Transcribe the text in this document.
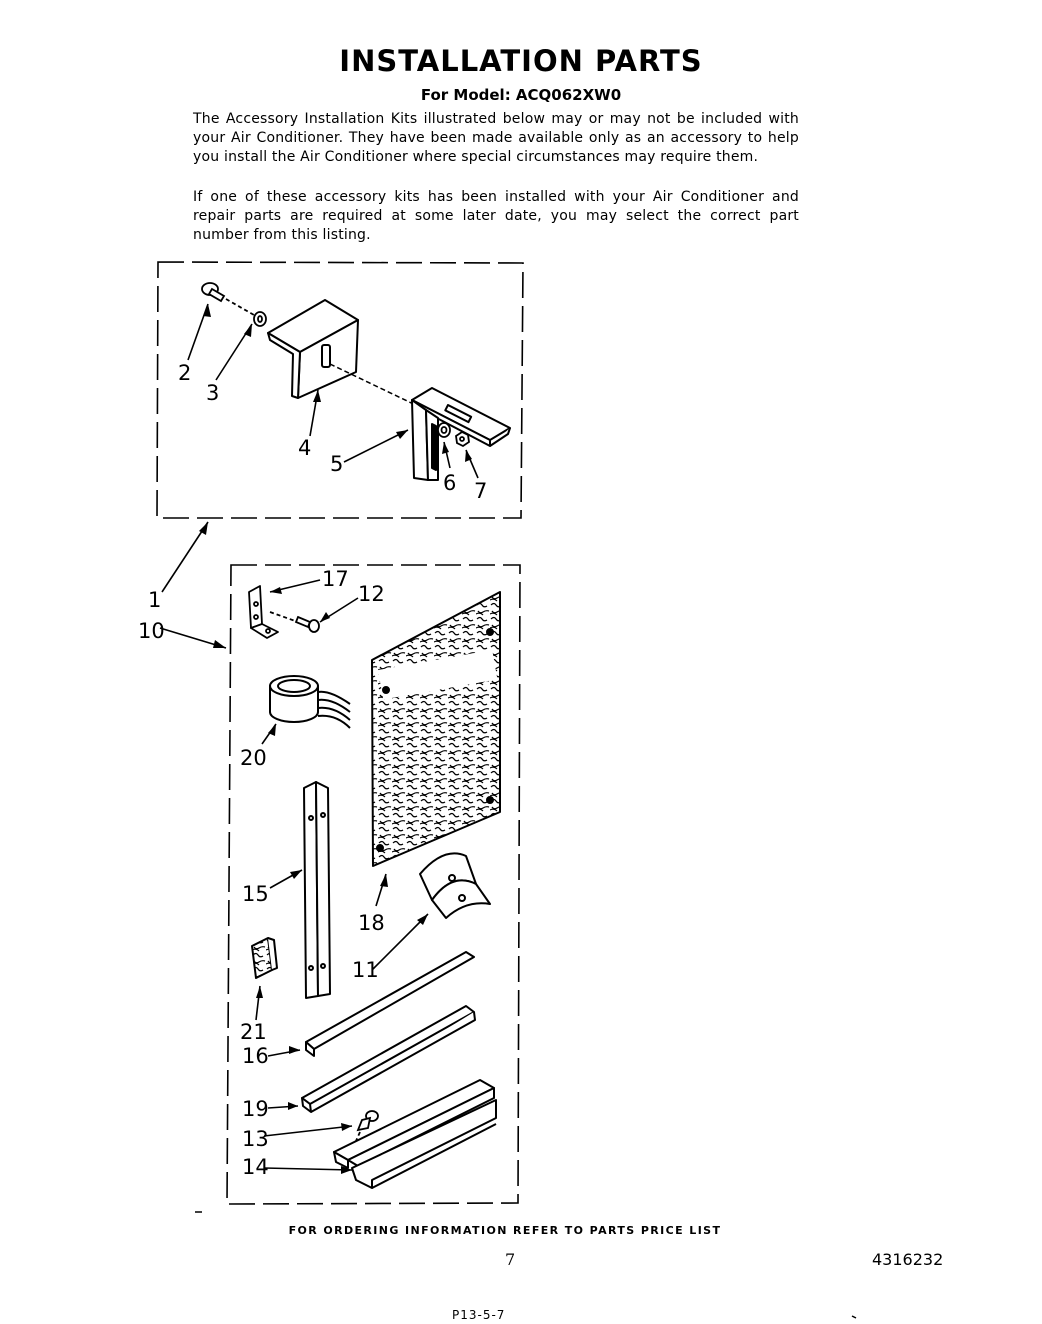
INSTALLATION PARTS
For Model: ACQ062XW0
The Accessory Installation Kits illustrated below may or may not be included with your Air Conditioner. They have been made available only as an accessory to help you install the Air Conditioner where special circumstances may require them.
If one of these accessory kits has been installed with your Air Conditioner and repair parts are required at some later date, you may select the correct part number from this listing.
2
3
4
5
6 7
1
10
17
12
20
15
18
11
21
16
19
13
14
FOR ORDERING INFORMATION REFER TO PARTS PRICE LIST
7	4316232
P13-5-7
